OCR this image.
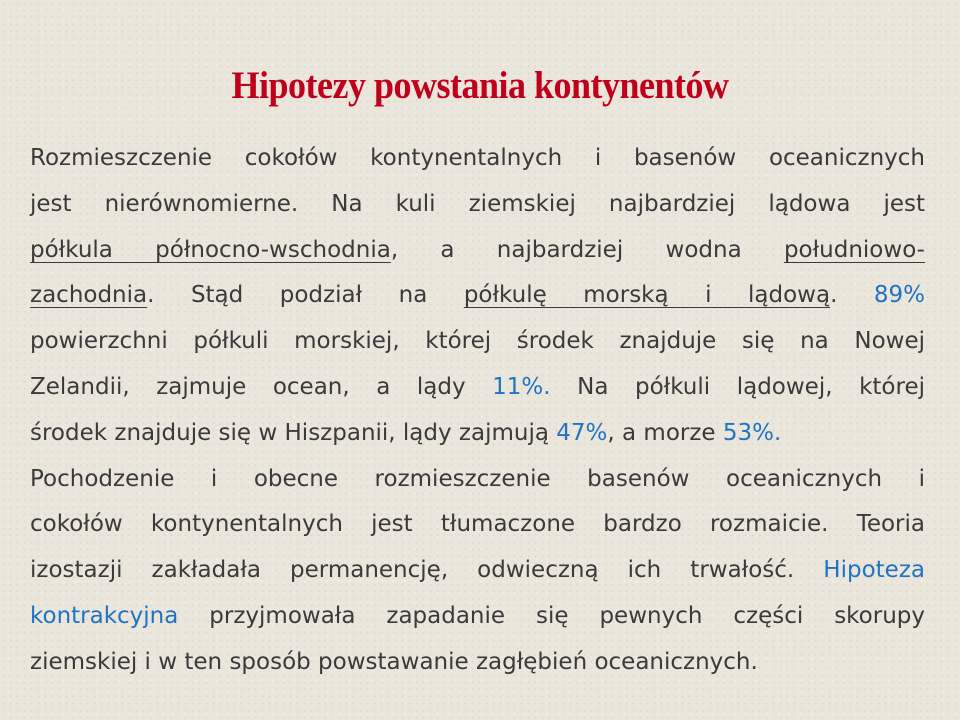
Hipotezy powstania kontynentów
Rozmieszczenie cokołów kontynentalnych i basenów oceanicznych
jest nierównomierne. Na kuli ziemskiej najbardziej lądowa jest
półkula północno-wschodnia, a najbardziej wodna południowo-
zachodnia. Stąd podział na półkulę morską i lądową. 89%
powierzchni półkuli morskiej, której środek znajduje się na Nowej
Zelandii, zajmuje ocean, a lądy 11%. Na półkuli lądowej, której
środek znajduje się w Hiszpanii, lądy zajmują 47%, a morze 53%.
Pochodzenie i obecne rozmieszczenie basenów oceanicznych i
cokołów kontynentalnych jest tłumaczone bardzo rozmaicie. Teoria
izostazji zakładała permanencję, odwieczną ich trwałość. Hipoteza
kontrakcyjna przyjmowała zapadanie się pewnych części skorupy
ziemskiej i w ten sposób powstawanie zagłębień oceanicznych.
